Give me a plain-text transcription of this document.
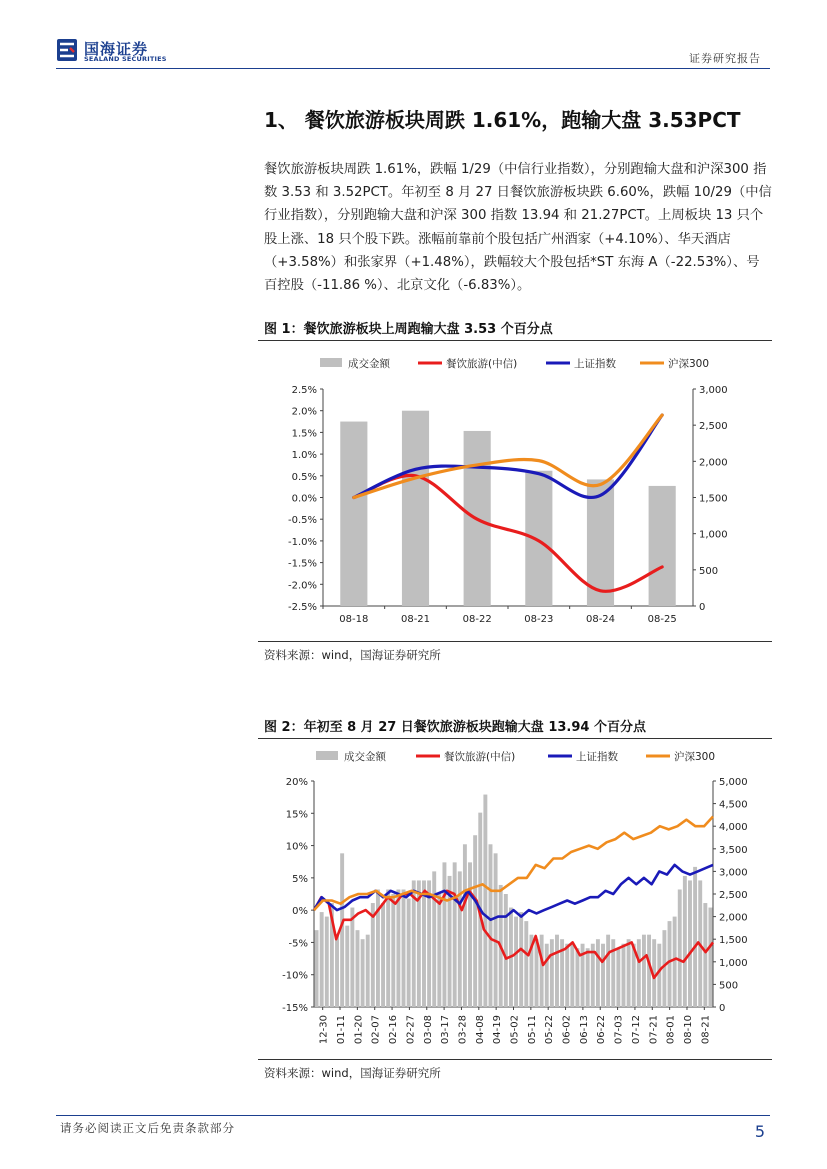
国海证券
SEALAND SECURITIES	证券研究报告
1、 餐饮旅游板块周跌 1.61%，跑输大盘 3.53PCT
餐饮旅游板块周跌 1.61%，跌幅 1/29（中信行业指数），分别跑输大盘和沪深300 指数 3.53 和 3.52PCT。年初至 8 月 27 日餐饮旅游板块跌 6.60%，跌幅 10/29（中信行业指数），分别跑输大盘和沪深 300 指数 13.94 和 21.27PCT。上周板块 13 只个股上涨、18 只个股下跌。涨幅前靠前个股包括广州酒家（+4.10%）、华天酒店（+3.58%）和张家界（+1.48%），跌幅较大个股包括*ST 东海 A（-22.53%）、号百控股（-11.86 %）、北京文化（-6.83%）。
图 1：餐饮旅游板块上周跑输大盘 3.53 个百分点
成交金额	餐饮旅游(中信)	上证指数	沪深300
-2.5%
-2.0%
-1.5%
-1.0%
-0.5%
0.0%
0.5%
1.0%
1.5%
2.0%
2.5%
0
500
1,000
1,500
2,000
2,500
3,000
08-18	08-21	08-22	08-23	08-24	08-25
资料来源：wind，国海证券研究所
图 2：年初至 8 月 27 日餐饮旅游板块跑输大盘 13.94 个百分点
成交金额	餐饮旅游(中信)	上证指数	沪深300
-15%
-10%
-5%
0%
5%
10%
15%
20%
0
500
1,000
1,500
2,000
2,500
3,000
3,500
4,000
4,500
5,000
12-30 01-11 01-20 02-07 02-16 02-27 03-08 03-17 03-28 04-08 04-19 05-02 05-11 05-22 06-02 06-13 06-22 07-03 07-12 07-21 08-01 08-10 08-21
资料来源：wind，国海证券研究所
请务必阅读正文后免责条款部分	5
